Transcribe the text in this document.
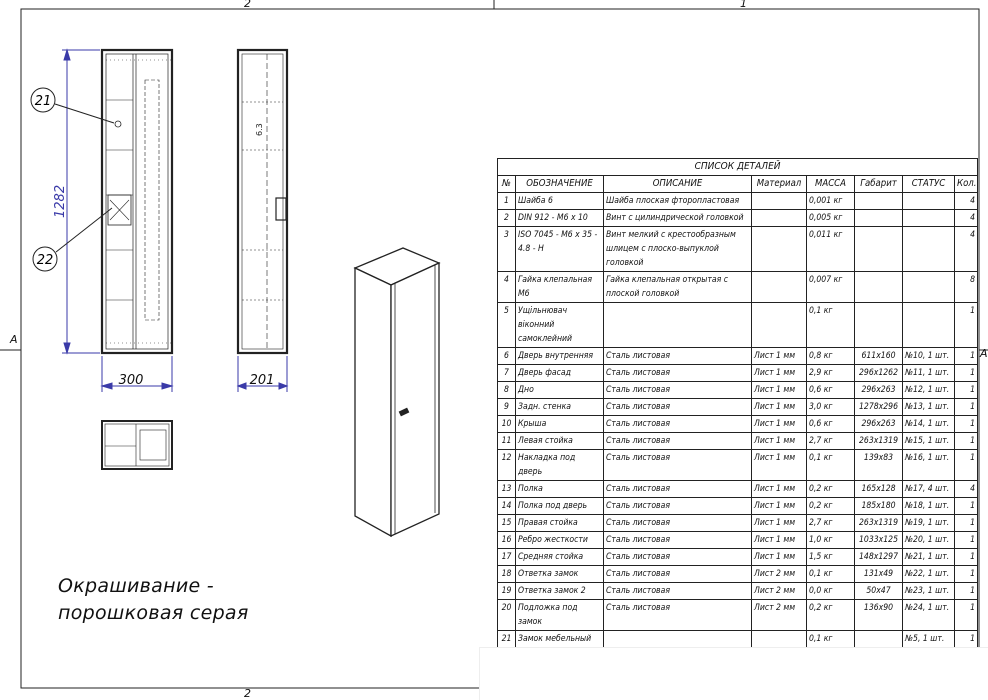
1282
300
21
22
6.3
201
2	1
2
A
A
Окрашивание -
порошковая серая
СПИСОК ДЕТАЛЕЙ							
№	ОБОЗНАЧЕНИЕ	ОПИСАНИЕ	Материал	МАССА	Габарит	СТАТУС	Кол.
1	Шайба 6	Шайба плоская фторопластовая		0,001 кг			4
2	DIN 912 - M6 x 10	Винт с цилиндрической головкой		0,005 кг			4
3	ISO 7045 - M6 x 35 - 4.8 - H	Винт мелкий с крестообразным шлицем с плоско-выпуклой головкой		0,011 кг			4
4	Гайка клепальная M6	Гайка клепальная открытая с плоской головкой		0,007 кг			8
5	Ущільнювач віконний самоклейний			0,1 кг			1
6	Дверь внутренняя	Сталь листовая	Лист 1 мм	0,8 кг	611x160	№10, 1 шт.	1
7	Дверь фасад	Сталь листовая	Лист 1 мм	2,9 кг	296x1262	№11, 1 шт.	1
8	Дно	Сталь листовая	Лист 1 мм	0,6 кг	296x263	№12, 1 шт.	1
9	Задн. стенка	Сталь листовая	Лист 1 мм	3,0 кг	1278x296	№13, 1 шт.	1
10	Крыша	Сталь листовая	Лист 1 мм	0,6 кг	296x263	№14, 1 шт.	1
11	Левая стойка	Сталь листовая	Лист 1 мм	2,7 кг	263x1319	№15, 1 шт.	1
12	Накладка под дверь	Сталь листовая	Лист 1 мм	0,1 кг	139x83	№16, 1 шт.	1
13	Полка	Сталь листовая	Лист 1 мм	0,2 кг	165x128	№17, 4 шт.	4
14	Полка под дверь	Сталь листовая	Лист 1 мм	0,2 кг	185x180	№18, 1 шт.	1
15	Правая стойка	Сталь листовая	Лист 1 мм	2,7 кг	263x1319	№19, 1 шт.	1
16	Ребро жесткости	Сталь листовая	Лист 1 мм	1,0 кг	1033x125	№20, 1 шт.	1
17	Средняя стойка	Сталь листовая	Лист 1 мм	1,5 кг	148x1297	№21, 1 шт.	1
18	Ответка замок	Сталь листовая	Лист 2 мм	0,1 кг	131x49	№22, 1 шт.	1
19	Ответка замок 2	Сталь листовая	Лист 2 мм	0,0 кг	50x47	№23, 1 шт.	1
20	Подложка под замок	Сталь листовая	Лист 2 мм	0,2 кг	136x90	№24, 1 шт.	1
21	Замок мебельный			0,1 кг		№5, 1 шт.	1
